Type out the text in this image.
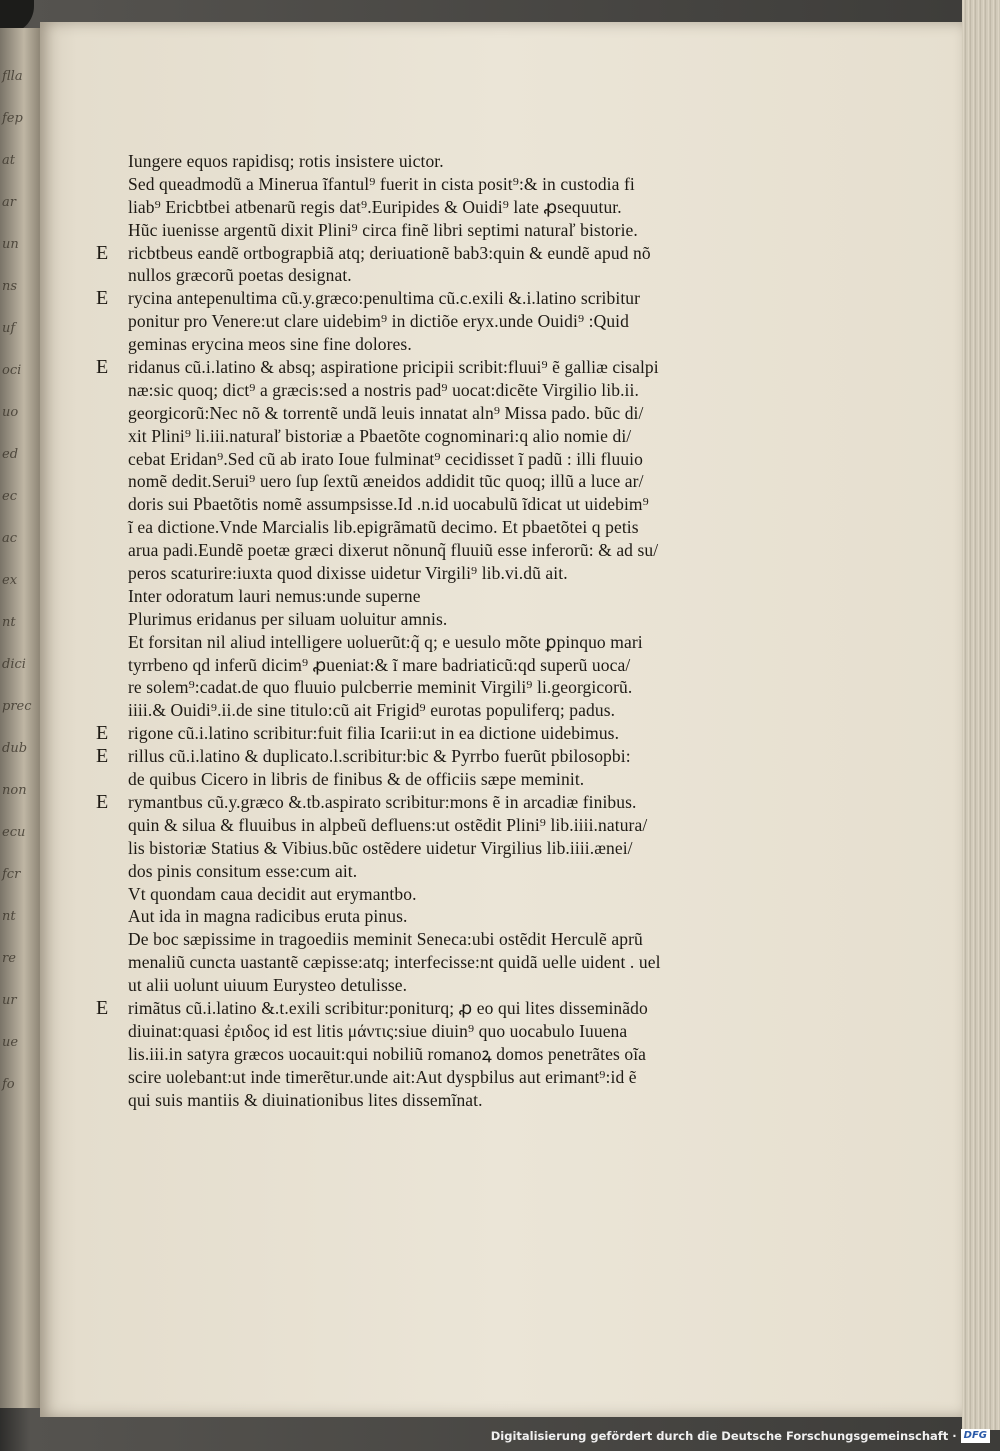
flla
fep
at
ar
un
ns
uf
oci
uo
ed
ec
ac
ex
nt
dici
prec
dub
non
ecu
fcr
nt
re
ur
ue
fo
Iungere equos rapidisq; rotis insistere uictor.
Sed queadmodũ a Minerua ĩfantul⁹ fuerit in cista posit⁹:& in custodia fi
liab⁹ Ericbtbei atbenarũ regis dat⁹.Euripides & Ouidi⁹ late ꝓsequutur.
Hũc iuenisse argentũ dixit Plini⁹ circa finẽ libri septimi naturaľ bistorie.
E ricbtbeus eandẽ ortbograpbiã atq; deriuationẽ bab3:quin & eundẽ apud nõ
nullos græcorũ poetas designat.
E rycina antepenultima cũ.y.græco:penultima cũ.c.exili &.i.latino scribitur
ponitur pro Venere:ut clare uidebim⁹ in dictiõe eryx.unde Ouidi⁹ :Quid
geminas erycina meos sine fine dolores.
E ridanus cũ.i.latino & absq; aspiratione pricipii scribit:fluui⁹ ẽ galliæ cisalpi
næ:sic quoq; dict⁹ a græcis:sed a nostris pad⁹ uocat:dicẽte Virgilio lib.ii.
georgicorũ:Nec nõ & torrentẽ undã leuis innatat aln⁹ Missa pado. bũc di/
xit Plini⁹ li.iii.naturaľ bistoriæ a Pbaetõte cognominari:q alio nomie di/
cebat Eridan⁹.Sed cũ ab irato Ioue fulminat⁹ cecidisset ĩ padũ : illi fluuio
nomẽ dedit.Serui⁹ uero ſup ſextũ æneidos addidit tũc quoq; illũ a luce ar/
doris sui Pbaetõtis nomẽ assumpsisse.Id .n.id uocabulũ ĩdicat ut uidebim⁹
ĩ ea dictione.Vnde Marcialis lib.epigrãmatũ decimo. Et pbaetõtei q petis
arua padi.Eundẽ poetæ græci dixerut nõnunq̃ fluuiũ esse inferorũ: & ad su/
peros scaturire:iuxta quod dixisse uidetur Virgili⁹ lib.vi.dũ ait.
Inter odoratum lauri nemus:unde superne
Plurimus eridanus per siluam uoluitur amnis.
Et forsitan nil aliud intelligere uoluerũt:q̃ q; e uesulo mõte ꝑpinquo mari
tyrrbeno qd inferũ dicim⁹ ꝓueniat:& ĩ mare badriaticũ:qd superũ uoca/
re solem⁹:cadat.de quo fluuio pulcberrie meminit Virgili⁹ li.georgicorũ.
iiii.& Ouidi⁹.ii.de sine titulo:cũ ait Frigid⁹ eurotas populiferq; padus.
E rigone cũ.i.latino scribitur:fuit filia Icarii:ut in ea dictione uidebimus.
E rillus cũ.i.latino & duplicato.l.scribitur:bic & Pyrrbo fuerũt pbilosopbi:
de quibus Cicero in libris de finibus & de officiis sæpe meminit.
E rymantbus cũ.y.græco &.tb.aspirato scribitur:mons ẽ in arcadiæ finibus.
quin & silua & fluuibus in alpbeũ defluens:ut ostẽdit Plini⁹ lib.iiii.natura/
lis bistoriæ Statius & Vibius.bũc ostẽdere uidetur Virgilius lib.iiii.ænei/
dos pinis consitum esse:cum ait.
Vt quondam caua decidit aut erymantbo.
Aut ida in magna radicibus eruta pinus.
De boc sæpissime in tragoediis meminit Seneca:ubi ostẽdit Herculẽ aprũ
menaliũ cuncta uastantẽ cæpisse:atq; interfecisse:nt quidã uelle uident . uel
ut alii uolunt uiuum Eurysteo detulisse.
E rimãtus cũ.i.latino &.t.exili scribitur:poniturq; ꝓ eo qui lites disseminãdo
diuinat:quasi ἐριδος id est litis μάντις:siue diuin⁹ quo uocabulo Iuuena
lis.iii.in satyra græcos uocauit:qui nobiliũ romanoꝝ domos penetrãtes oĩa
scire uolebant:ut inde timerẽtur.unde ait:Aut dyspbilus aut erimant⁹:id ẽ
qui suis mantiis & diuinationibus lites dissemĩnat.
Digitalisierung gefördert durch die Deutsche Forschungsgemeinschaft · DFG
